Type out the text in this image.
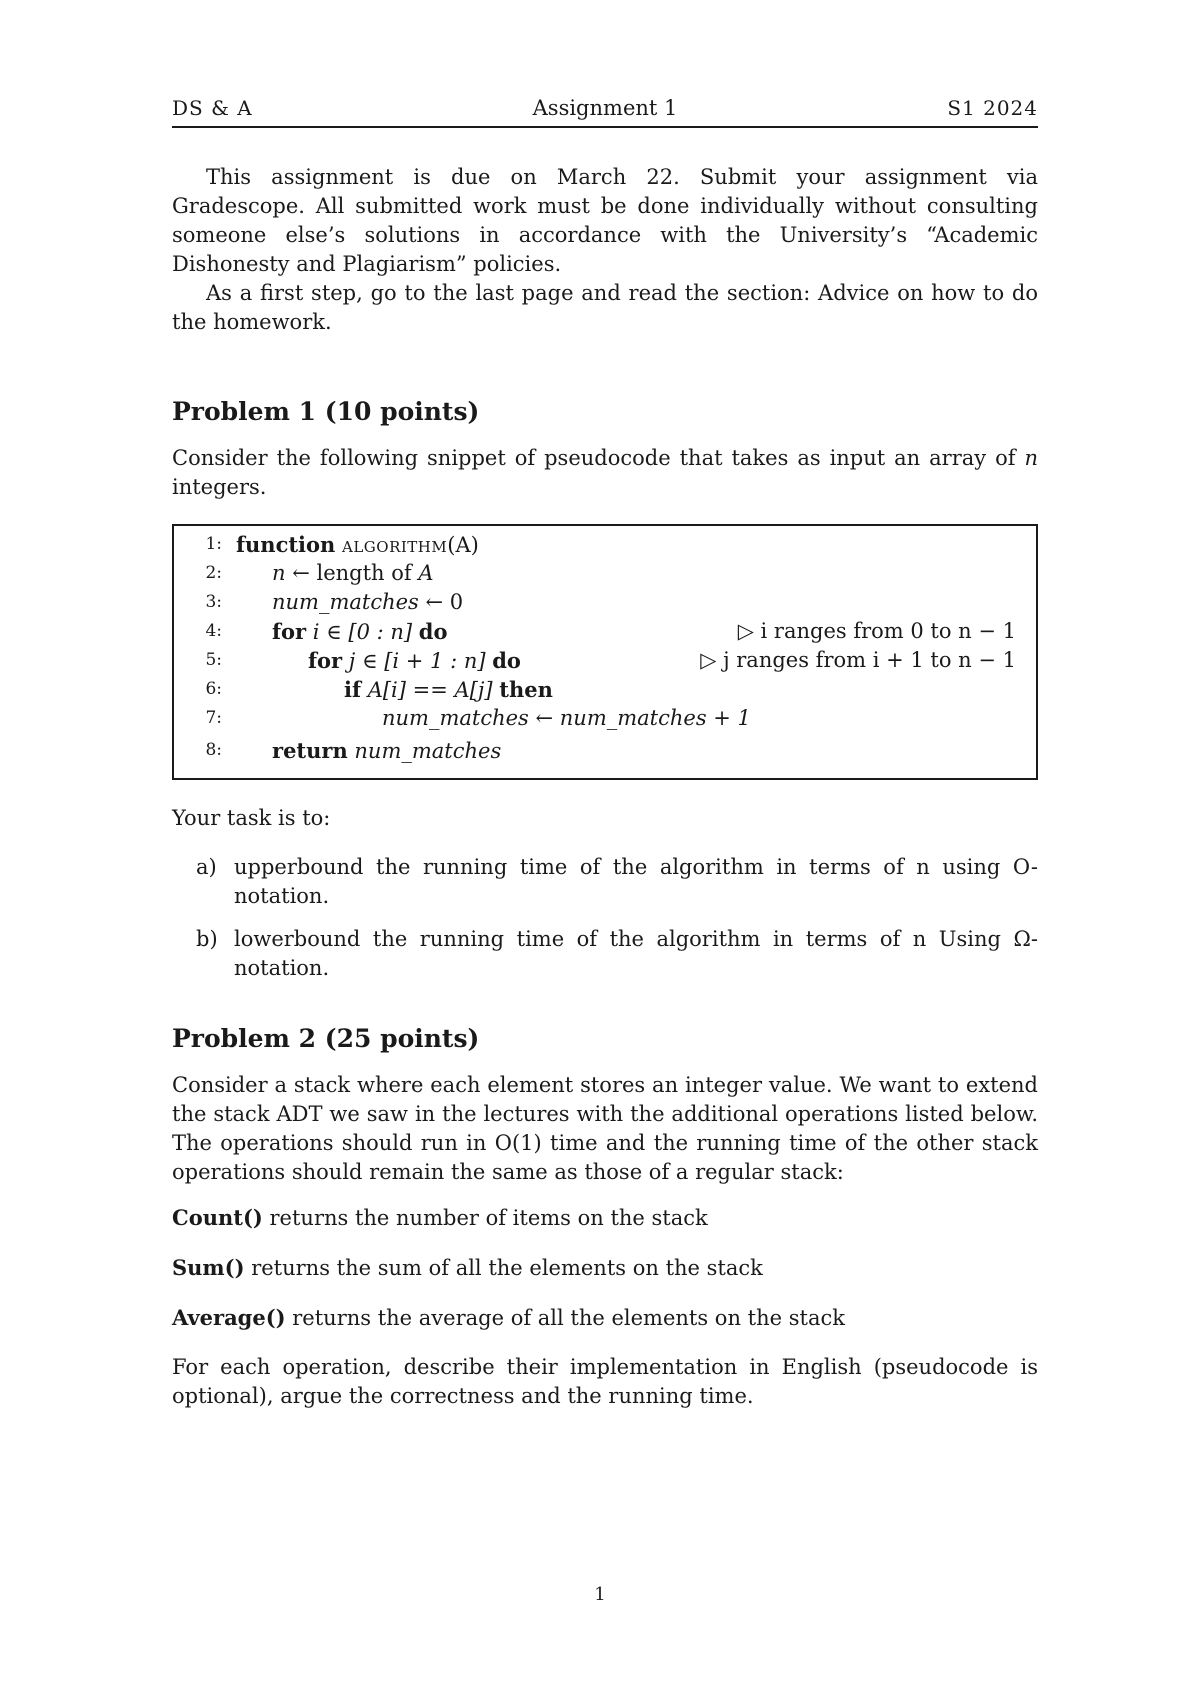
DS & A	Assignment 1	S1 2024
This assignment is due on March 22. Submit your assignment via Gradescope. All submitted work must be done individually without consulting someone else’s solutions in accordance with the University’s “Academic Dishonesty and Plagiarism” policies.
As a first step, go to the last page and read the section: Advice on how to do the homework.
Problem 1 (10 points)
Consider the following snippet of pseudocode that takes as input an array of n integers.
1: function algorithm(A)
2: n ← length of A
3: num_matches ← 0
4: for i ∈ [0 : n] do	▷ i ranges from 0 to n − 1
5:	for j ∈ [i + 1 : n] do	▷ j ranges from i + 1 to n − 1
6:	if A[i] == A[j] then
7:	num_matches ← num_matches + 1
8: return num_matches
Your task is to:
a) upperbound the running time of the algorithm in terms of n using O-notation.
b) lowerbound the running time of the algorithm in terms of n Using Ω-notation.
Problem 2 (25 points)
Consider a stack where each element stores an integer value. We want to extend the stack ADT we saw in the lectures with the additional operations listed below. The operations should run in O(1) time and the running time of the other stack operations should remain the same as those of a regular stack:
Count() returns the number of items on the stack
Sum() returns the sum of all the elements on the stack
Average() returns the average of all the elements on the stack
For each operation, describe their implementation in English (pseudocode is optional), argue the correctness and the running time.
1
